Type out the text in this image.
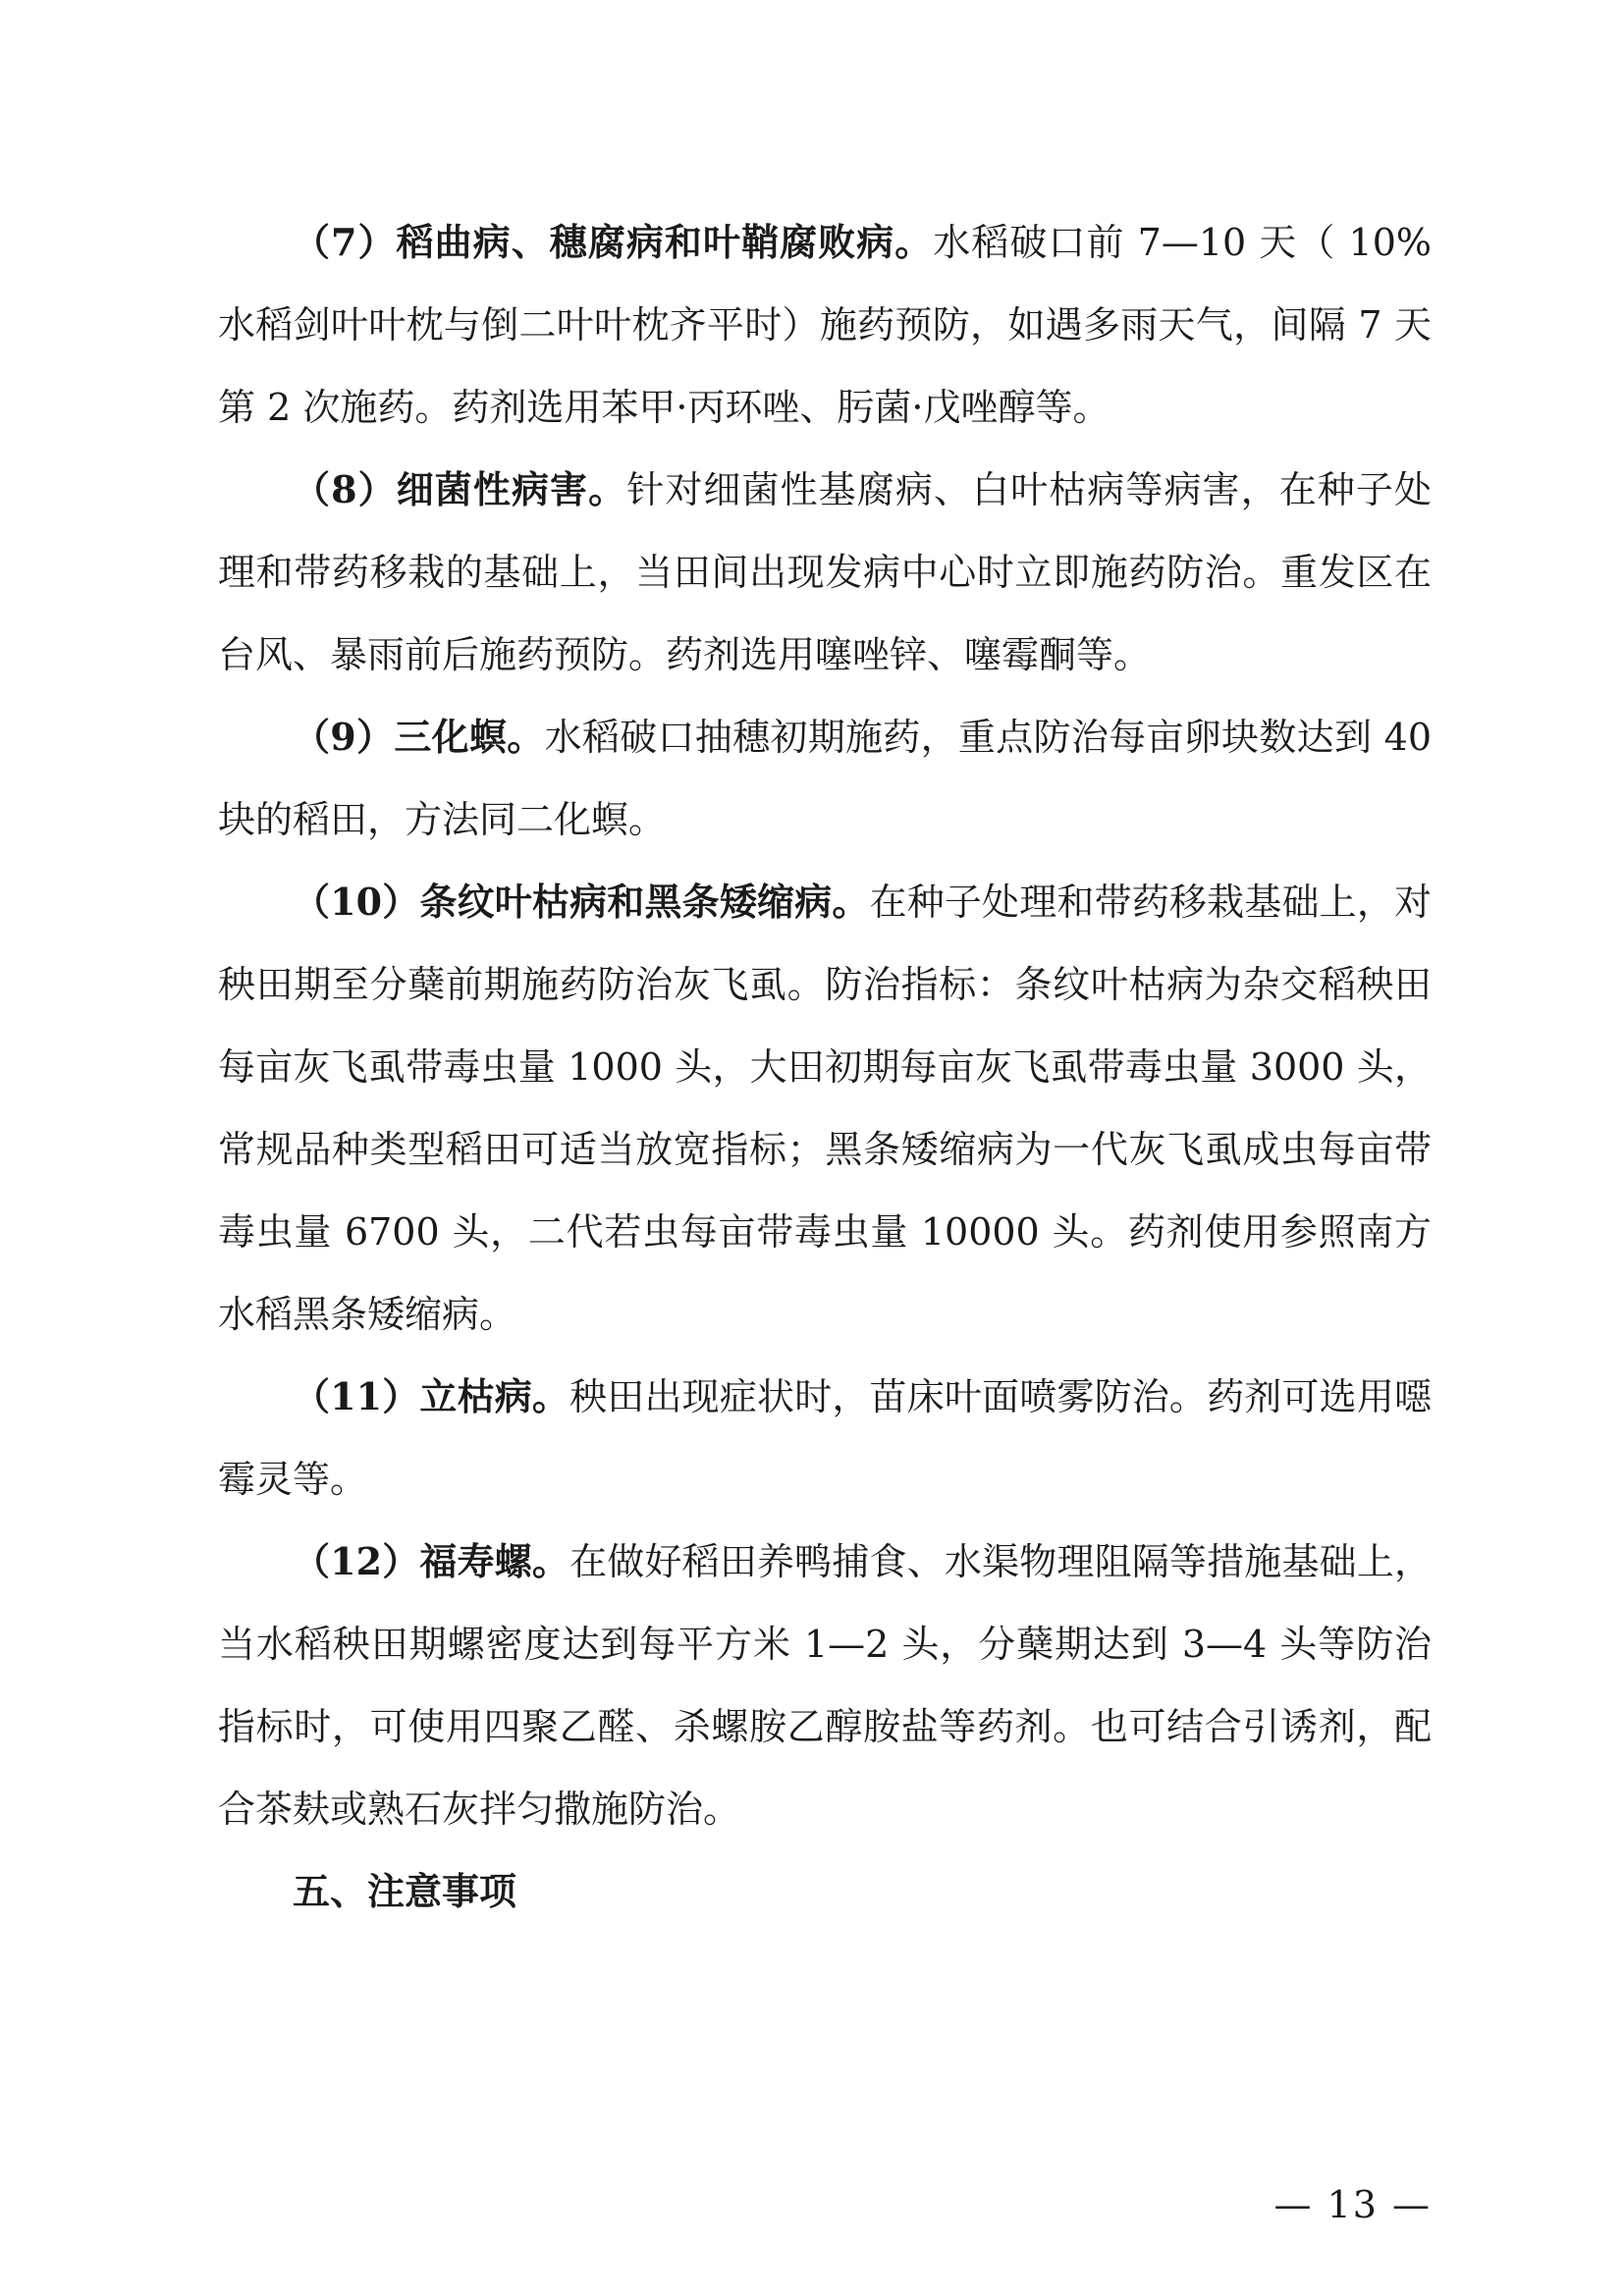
（7）稻曲病、穗腐病和叶鞘腐败病。水稻破口前 7—10 天（ 10% 水稻剑叶叶枕与倒二叶叶枕齐平时）施药预防，如遇多雨天气，间隔 7 天第 2 次施药。药剂选用苯甲·丙环唑、肟菌·戊唑醇等。

（8）细菌性病害。针对细菌性基腐病、白叶枯病等病害，在种子处理和带药移栽的基础上，当田间出现发病中心时立即施药防治。重发区在台风、暴雨前后施药预防。药剂选用噻唑锌、噻霉酮等。

（9）三化螟。水稻破口抽穗初期施药，重点防治每亩卵块数达到 40 块的稻田，方法同二化螟。

（10）条纹叶枯病和黑条矮缩病。在种子处理和带药移栽基础上，对秧田期至分蘖前期施药防治灰飞虱。防治指标：条纹叶枯病为杂交稻秧田每亩灰飞虱带毒虫量 1000 头，大田初期每亩灰飞虱带毒虫量 3000 头，常规品种类型稻田可适当放宽指标；黑条矮缩病为一代灰飞虱成虫每亩带毒虫量 6700 头，二代若虫每亩带毒虫量 10000 头。药剂使用参照南方水稻黑条矮缩病。

（11）立枯病。秧田出现症状时，苗床叶面喷雾防治。药剂可选用噁霉灵等。

（12）福寿螺。在做好稻田养鸭捕食、水渠物理阻隔等措施基础上，当水稻秧田期螺密度达到每平方米 1—2 头，分蘖期达到 3—4 头等防治指标时，可使用四聚乙醛、杀螺胺乙醇胺盐等药剂。也可结合引诱剂，配合茶麸或熟石灰拌匀撒施防治。

五、注意事项

— 13 —
